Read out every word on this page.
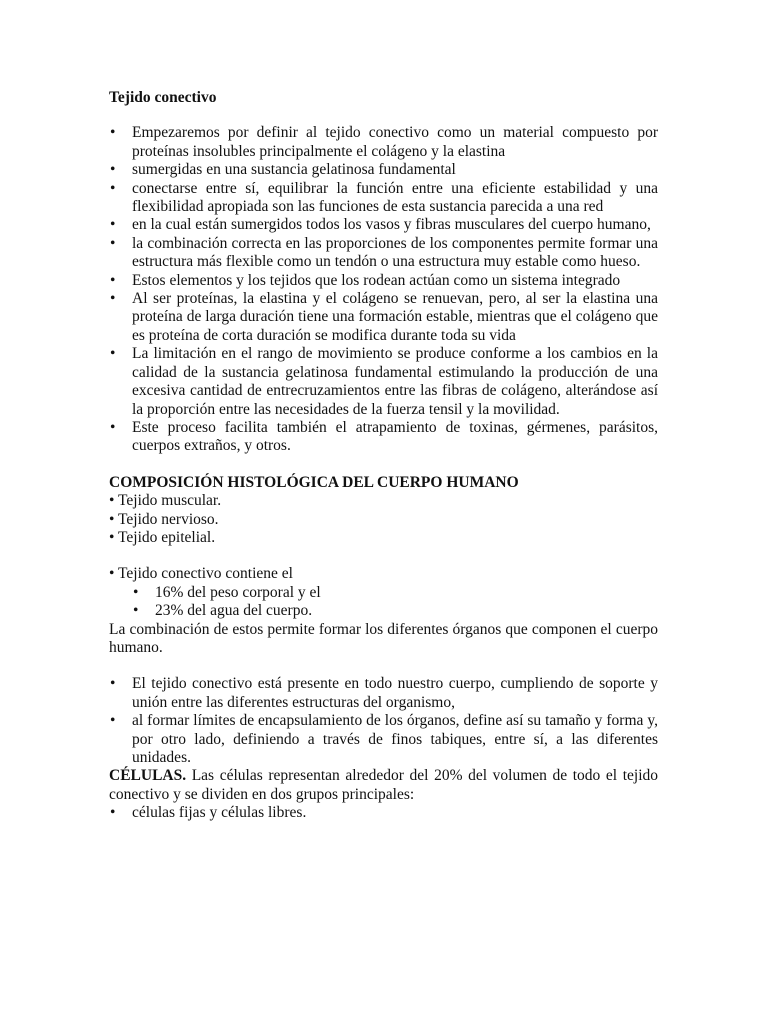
Tejido conectivo

• Empezaremos por definir al tejido conectivo como un material compuesto por proteínas insolubles principalmente el colágeno y la elastina
• sumergidas en una sustancia gelatinosa fundamental
• conectarse entre sí, equilibrar la función entre una eficiente estabilidad y una flexibilidad apropiada son las funciones de esta sustancia parecida a una red
• en la cual están sumergidos todos los vasos y fibras musculares del cuerpo humano,
• la combinación correcta en las proporciones de los componentes permite formar una estructura más flexible como un tendón o una estructura muy estable como hueso.
• Estos elementos y los tejidos que los rodean actúan como un sistema integrado
• Al ser proteínas, la elastina y el colágeno se renuevan, pero, al ser la elastina una proteína de larga duración tiene una formación estable, mientras que el colágeno que es proteína de corta duración se modifica durante toda su vida
• La limitación en el rango de movimiento se produce conforme a los cambios en la calidad de la sustancia gelatinosa fundamental estimulando la producción de una excesiva cantidad de entrecruzamientos entre las fibras de colágeno, alterándose así la proporción entre las necesidades de la fuerza tensil y la movilidad.
• Este proceso facilita también el atrapamiento de toxinas, gérmenes, parásitos, cuerpos extraños, y otros.

COMPOSICIÓN HISTOLÓGICA DEL CUERPO HUMANO

• Tejido muscular.

• Tejido nervioso.

• Tejido epitelial.

• Tejido conectivo contiene el

• 16% del peso corporal y el
• 23% del agua del cuerpo.

La combinación de estos permite formar los diferentes órganos que componen el cuerpo humano.

• El tejido conectivo está presente en todo nuestro cuerpo, cumpliendo de soporte y unión entre las diferentes estructuras del organismo,
• al formar límites de encapsulamiento de los órganos, define así su tamaño y forma y, por otro lado, definiendo a través de finos tabiques, entre sí, a las diferentes unidades.

CÉLULAS. Las células representan alrededor del 20% del volumen de todo el tejido conectivo y se dividen en dos grupos principales:

• células fijas y células libres.
